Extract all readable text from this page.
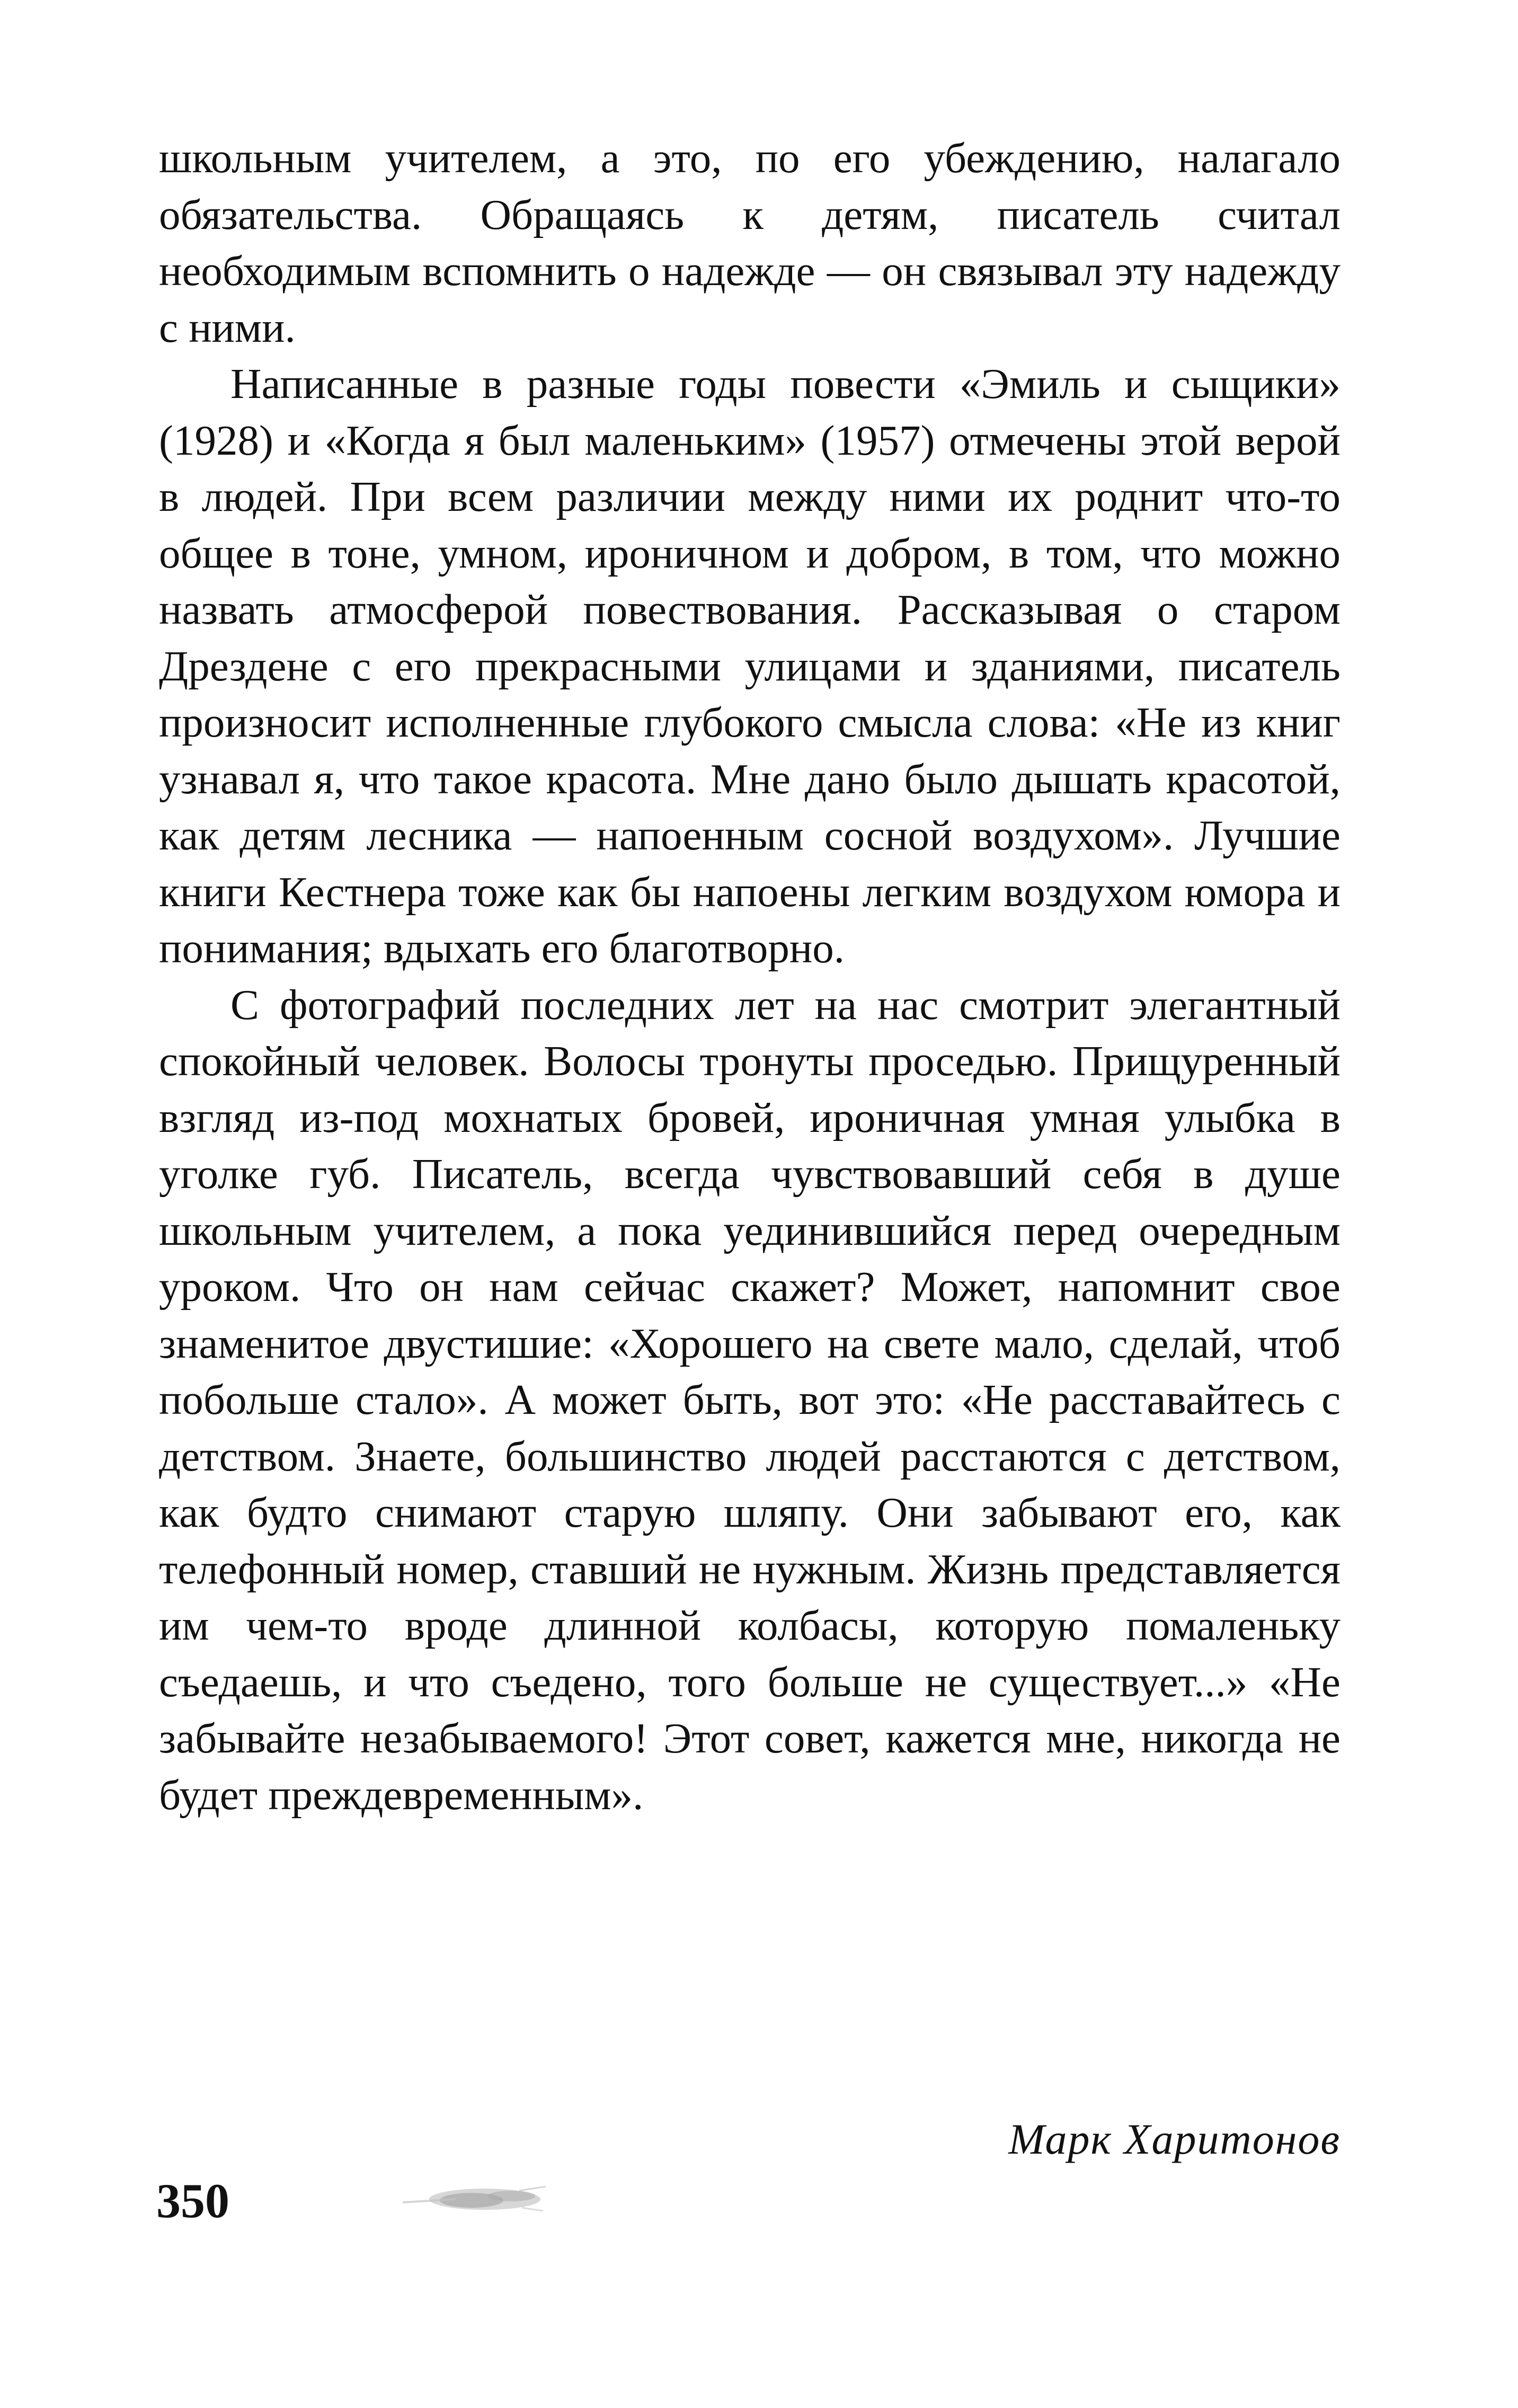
школьным учителем, а это, по его убеждению, налагало обязательства. Обращаясь к детям, писатель считал необходимым вспомнить о надежде — он связывал эту надежду с ними.

Написанные в разные годы повести «Эмиль и сыщики» (1928) и «Когда я был маленьким» (1957) отмечены этой верой в людей. При всем различии между ними их роднит что-то общее в тоне, умном, ироничном и добром, в том, что можно назвать атмосферой повествования. Рассказывая о старом Дрездене с его прекрасными улицами и зданиями, писатель произносит исполненные глубокого смысла слова: «Не из книг узнавал я, что такое красота. Мне дано было дышать красотой, как детям лесника — напоенным сосной воздухом». Лучшие книги Кестнера тоже как бы напоены легким воздухом юмора и понимания; вдыхать его благотворно.

С фотографий последних лет на нас смотрит элегантный спокойный человек. Волосы тронуты проседью. Прищуренный взгляд из-под мохнатых бровей, ироничная умная улыбка в уголке губ. Писатель, всегда чувствовавший себя в душе школьным учителем, а пока уединившийся перед очередным уроком. Что он нам сейчас скажет? Может, напомнит свое знаменитое двустишие: «Хорошего на свете мало, сделай, чтоб побольше стало». А может быть, вот это: «Не расставайтесь с детством. Знаете, большинство людей расстаются с детством, как будто снимают старую шляпу. Они забывают его, как телефонный номер, ставший не нужным. Жизнь представляется им чем-то вроде длинной колбасы, которую помаленьку съедаешь, и что съедено, того больше не существует...» «Не забывайте незабываемого! Этот совет, кажется мне, никогда не будет преждевременным».

Марк Харитонов
350
